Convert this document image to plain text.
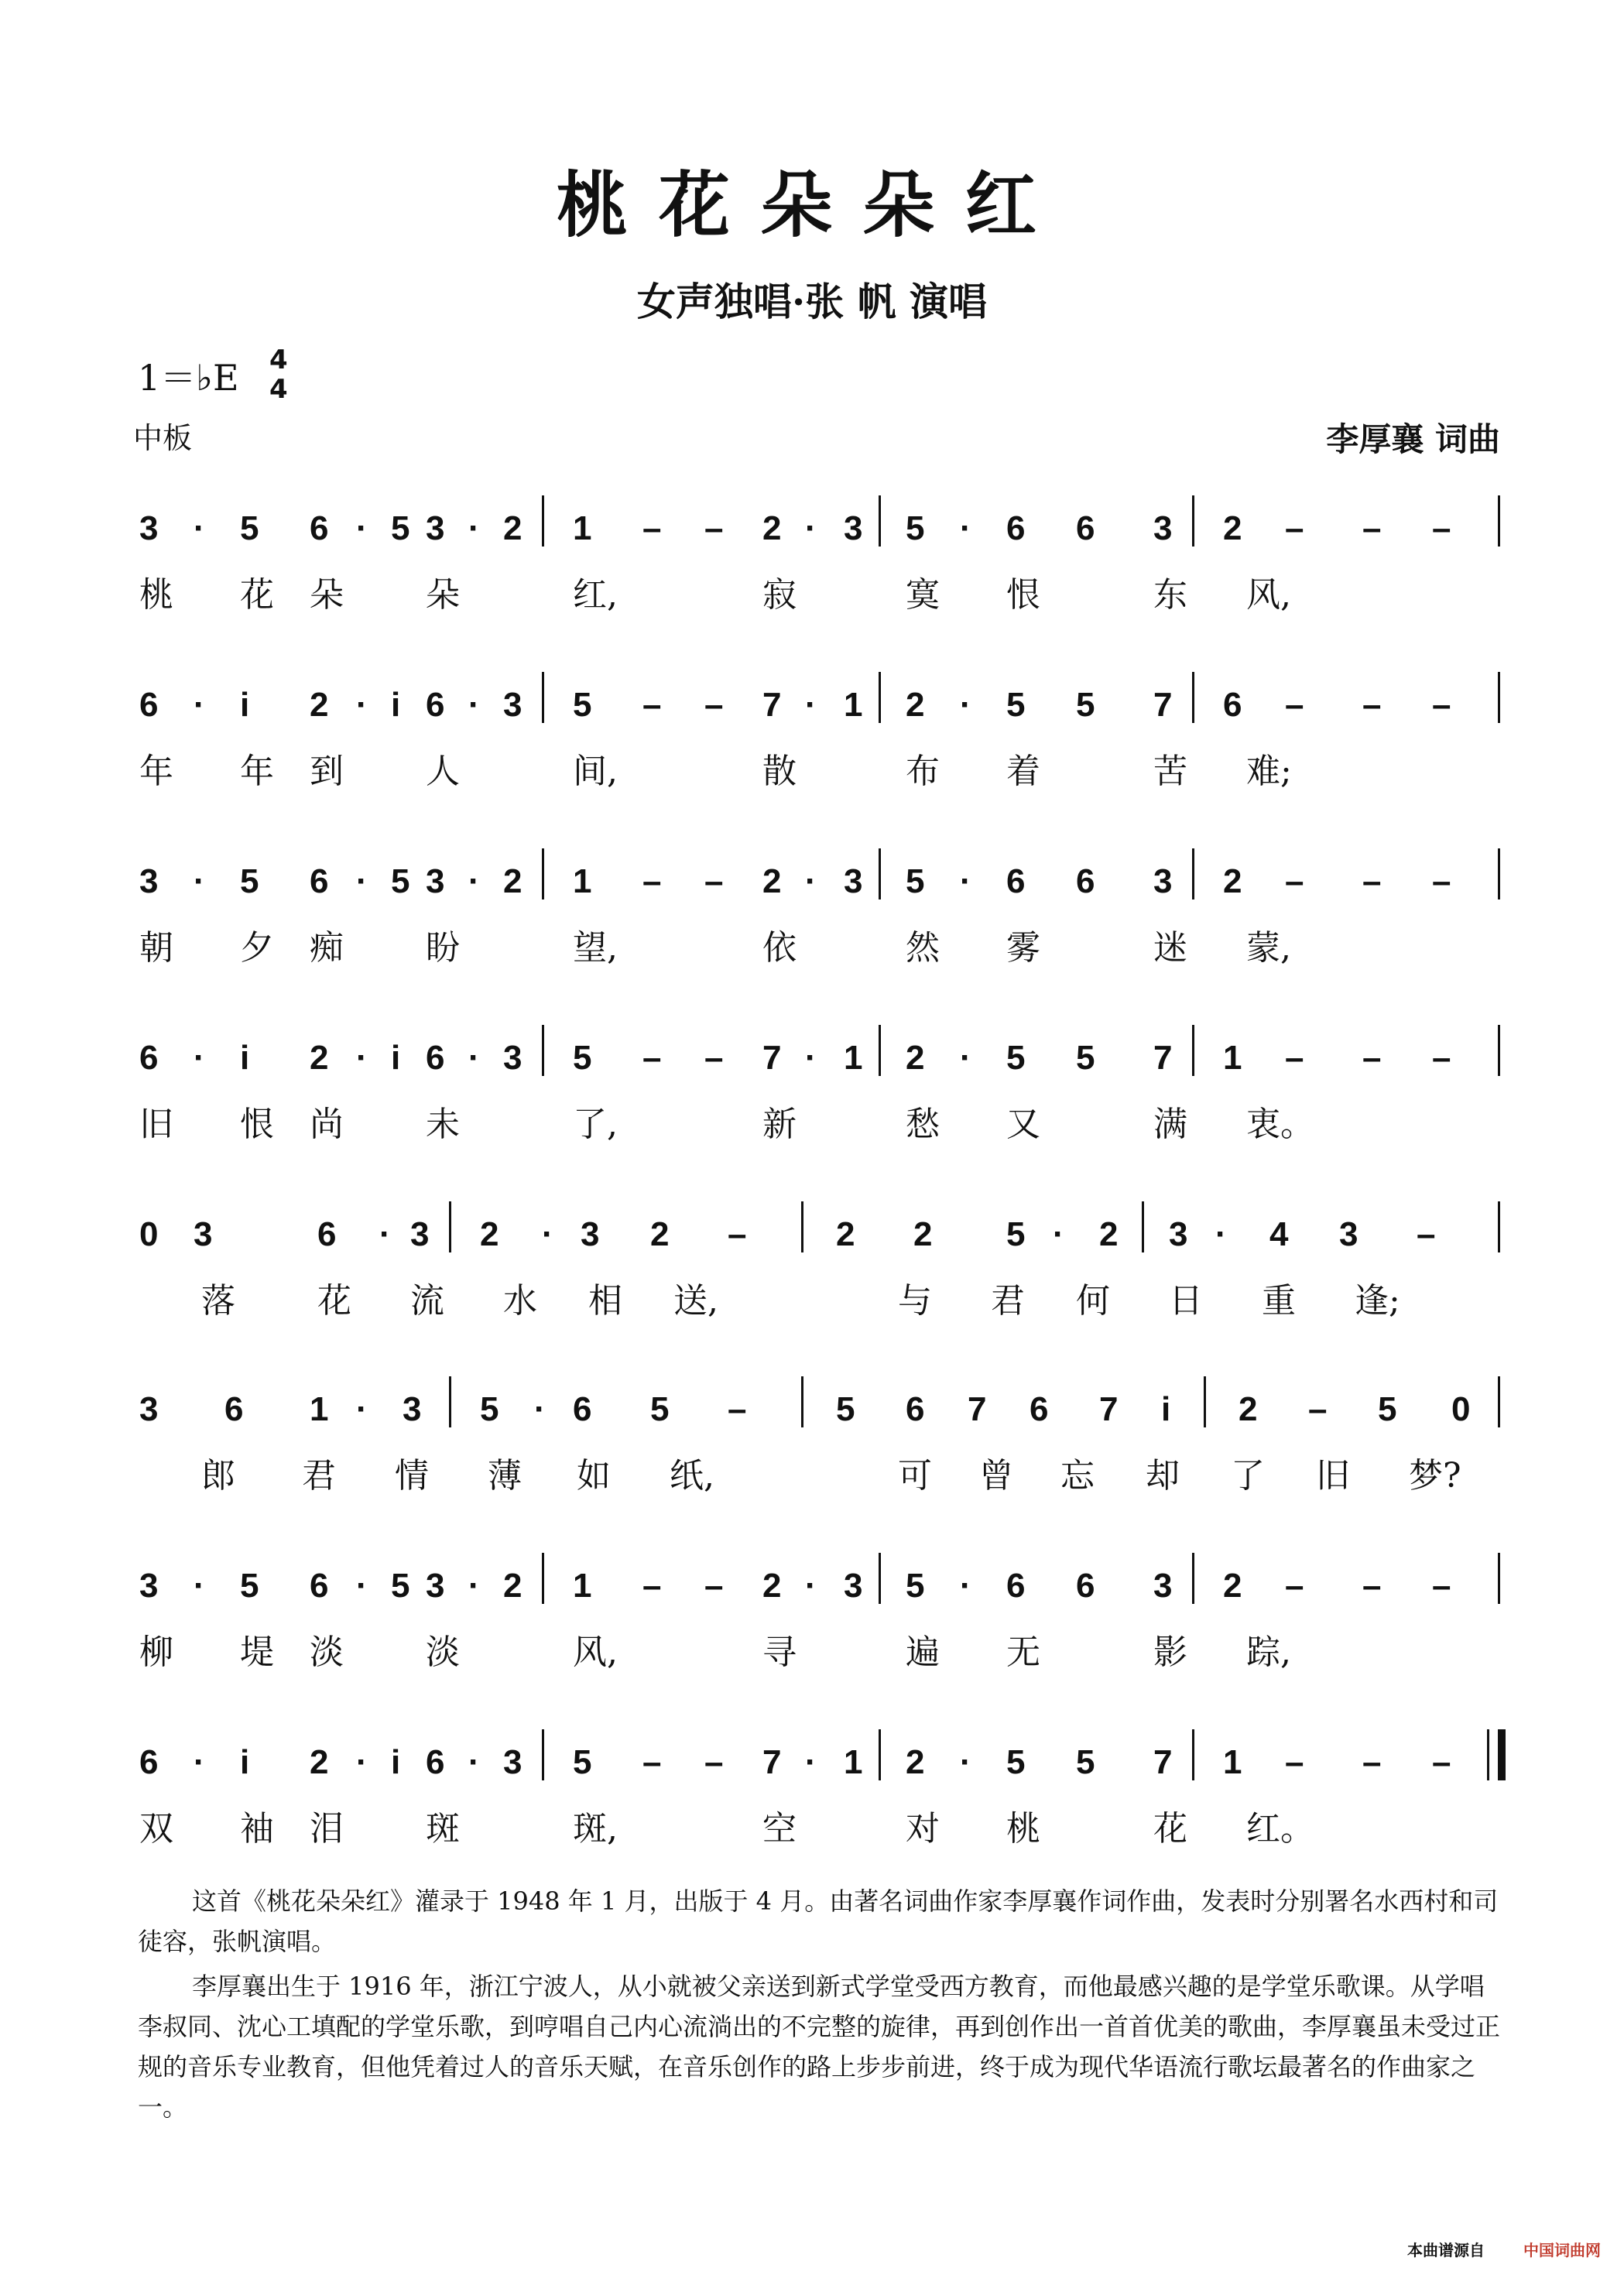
桃花朵朵红
女声独唱·张 帆 演唱
1＝♭E 4
4
中板	李厚襄 词曲
3 · 5 6 · 5 3 · 2 1 – – 2 · 3 5 · 6 6 3 2 – – –
桃 花 朵 朵	红,	寂	寞 恨	东 风,
6 · i 2 · i 6 · 3 5 – – 7 · 1 2 · 5 5 7 6 – – –
年 年 到 人	间,	散	布 着	苦 难;
3 · 5 6 · 5 3 · 2 1 – – 2 · 3 5 · 6 6 3 2 – – –
朝 夕 痴 盼	望,	依	然 雾	迷 蒙,
6 · i 2 · i 6 · 3 5 – – 7 · 1 2 · 5 5 7 1 – – –
旧 恨 尚 未	了,	新	愁 又	满 衷。
0 3	6 · 3 2 · 3 2 –	2 2 5 · 2 3 · 4 3 –
落 花 流 水 相 送,	与 君 何 日 重 逢;
3 6 1 · 3 5 · 6 5 –	5 6 7 6 7 i 2 – 5 0
郎 君 情 薄 如 纸,	可 曾 忘 却 了 旧 梦?
3 · 5 6 · 5 3 · 2 1 – – 2 · 3 5 · 6 6 3 2 – – –
柳 堤 淡 淡	风,	寻	遍 无	影 踪,
6 · i 2 · i 6 · 3 5 – – 7 · 1 2 · 5 5 7 1 – – –
双 袖 泪 斑	斑,	空	对 桃	花 红。
这首《桃花朵朵红》灌录于 1948 年 1 月，出版于 4 月。由著名词曲作家李厚襄作词作曲，发表时分别署名水西村和司徒容，张帆演唱。
李厚襄出生于 1916 年，浙江宁波人，从小就被父亲送到新式学堂受西方教育，而他最感兴趣的是学堂乐歌课。从学唱李叔同、沈心工填配的学堂乐歌，到哼唱自己内心流淌出的不完整的旋律，再到创作出一首首优美的歌曲，李厚襄虽未受过正规的音乐专业教育，但他凭着过人的音乐天赋，在音乐创作的路上步步前进，终于成为现代华语流行歌坛最著名的作曲家之一。
本曲谱源自	中国词曲网
